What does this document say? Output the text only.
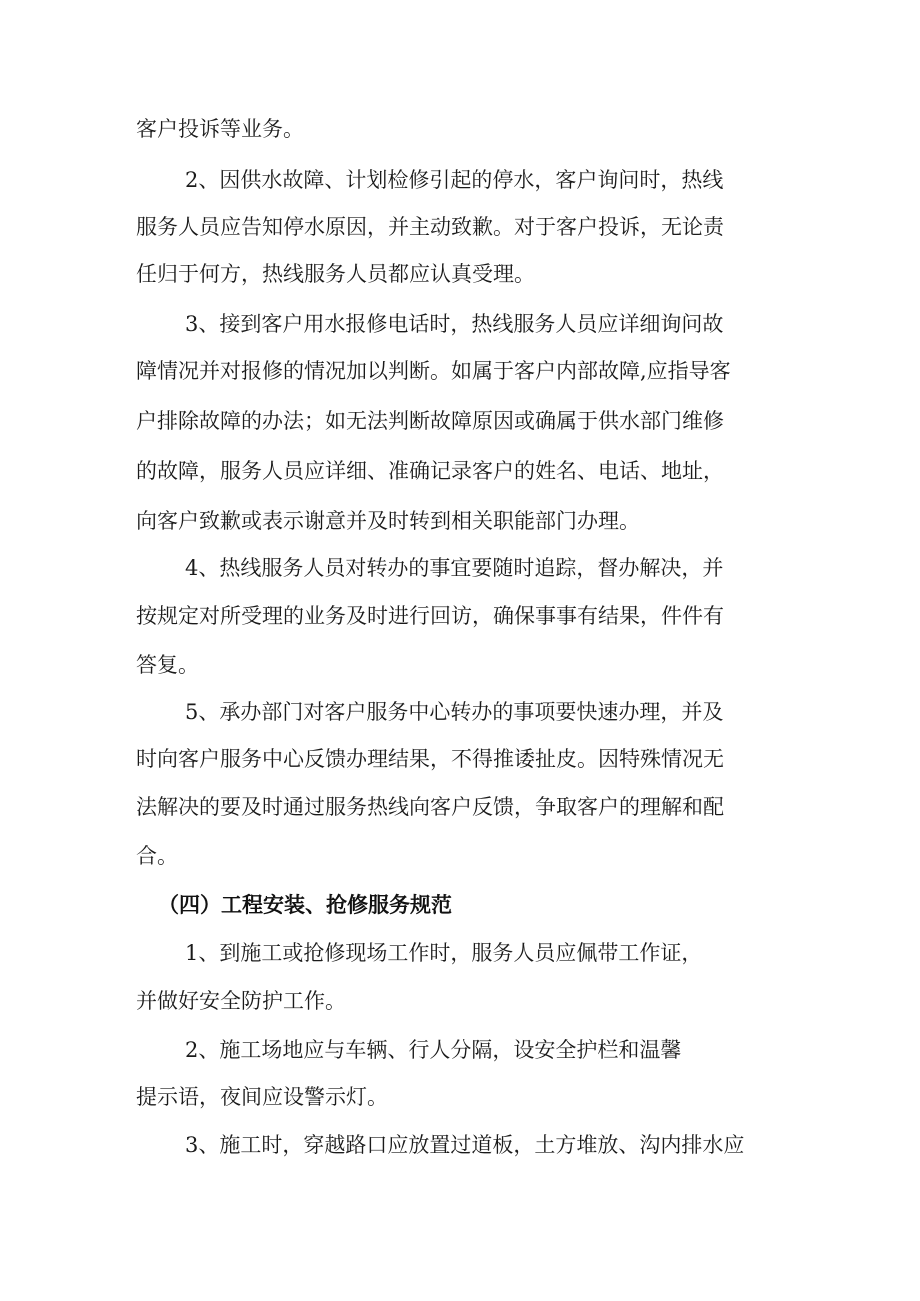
客户投诉等业务。
2、因供水故障、计划检修引起的停水，客户询问时，热线
服务人员应告知停水原因，并主动致歉。对于客户投诉，无论责
任归于何方，热线服务人员都应认真受理。
3、接到客户用水报修电话时，热线服务人员应详细询问故
障情况并对报修的情况加以判断。如属于客户内部故障,应指导客
户排除故障的办法；如无法判断故障原因或确属于供水部门维修
的故障，服务人员应详细、准确记录客户的姓名、电话、地址，
向客户致歉或表示谢意并及时转到相关职能部门办理。
4、热线服务人员对转办的事宜要随时追踪，督办解决，并
按规定对所受理的业务及时进行回访，确保事事有结果，件件有
答复。
5、承办部门对客户服务中心转办的事项要快速办理，并及
时向客户服务中心反馈办理结果，不得推诿扯皮。因特殊情况无
法解决的要及时通过服务热线向客户反馈，争取客户的理解和配
合。
（四）工程安装、抢修服务规范
1、到施工或抢修现场工作时，服务人员应佩带工作证，
并做好安全防护工作。
2、施工场地应与车辆、行人分隔，设安全护栏和温馨
提示语，夜间应设警示灯。
3、施工时，穿越路口应放置过道板，土方堆放、沟内排水应
